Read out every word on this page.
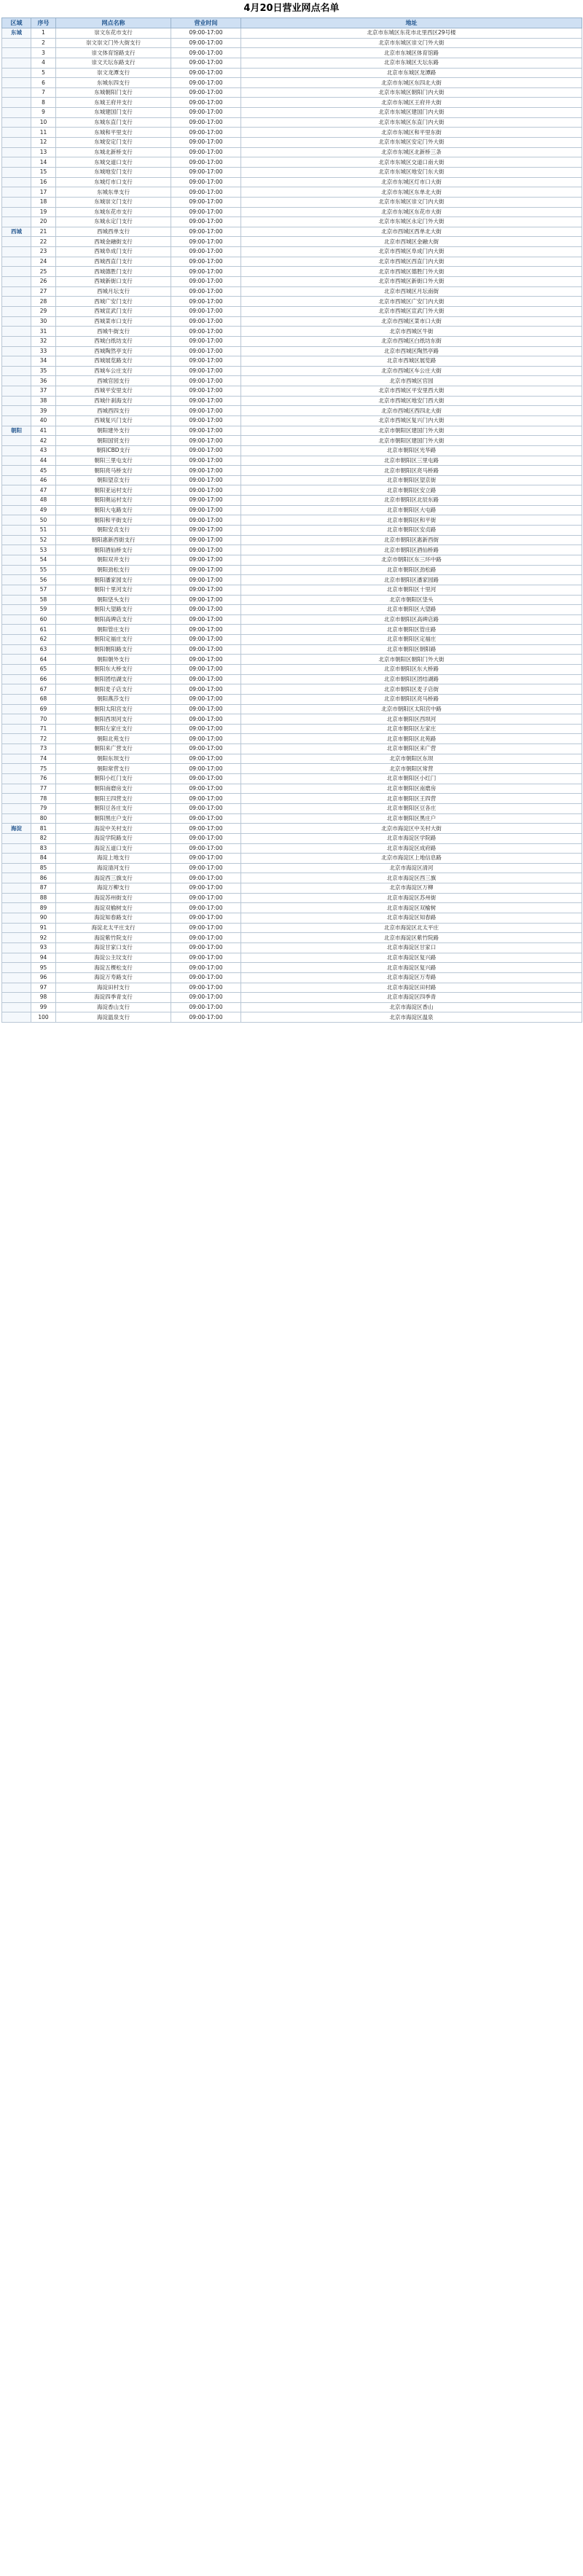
4月20日营业网点名单
区域	序号	网点名称	营业时间	地址
东城	1	崇文东花市支行	09:00-17:00	北京市东城区东花市北里西区29号楼
	2	崇文崇文门外大街支行	09:00-17:00	北京市东城区崇文门外大街
	3	崇文体育馆路支行	09:00-17:00	北京市东城区体育馆路
	4	崇文天坛东路支行	09:00-17:00	北京市东城区天坛东路
	5	崇文龙潭支行	09:00-17:00	北京市东城区龙潭路
	6	东城东四支行	09:00-17:00	北京市东城区东四北大街
	7	东城朝阳门支行	09:00-17:00	北京市东城区朝阳门内大街
	8	东城王府井支行	09:00-17:00	北京市东城区王府井大街
	9	东城建国门支行	09:00-17:00	北京市东城区建国门内大街
	10	东城东直门支行	09:00-17:00	北京市东城区东直门内大街
	11	东城和平里支行	09:00-17:00	北京市东城区和平里东街
	12	东城安定门支行	09:00-17:00	北京市东城区安定门外大街
	13	东城北新桥支行	09:00-17:00	北京市东城区北新桥三条
	14	东城交道口支行	09:00-17:00	北京市东城区交道口南大街
	15	东城地安门支行	09:00-17:00	北京市东城区地安门东大街
	16	东城灯市口支行	09:00-17:00	北京市东城区灯市口大街
	17	东城东单支行	09:00-17:00	北京市东城区东单北大街
	18	东城崇文门支行	09:00-17:00	北京市东城区崇文门内大街
	19	东城东花市支行	09:00-17:00	北京市东城区东花市大街
	20	东城永定门支行	09:00-17:00	北京市东城区永定门外大街
西城	21	西城西单支行	09:00-17:00	北京市西城区西单北大街
	22	西城金融街支行	09:00-17:00	北京市西城区金融大街
	23	西城阜成门支行	09:00-17:00	北京市西城区阜成门内大街
	24	西城西直门支行	09:00-17:00	北京市西城区西直门内大街
	25	西城德胜门支行	09:00-17:00	北京市西城区德胜门外大街
	26	西城新街口支行	09:00-17:00	北京市西城区新街口外大街
	27	西城月坛支行	09:00-17:00	北京市西城区月坛南街
	28	西城广安门支行	09:00-17:00	北京市西城区广安门内大街
	29	西城宣武门支行	09:00-17:00	北京市西城区宣武门外大街
	30	西城菜市口支行	09:00-17:00	北京市西城区菜市口大街
	31	西城牛街支行	09:00-17:00	北京市西城区牛街
	32	西城白纸坊支行	09:00-17:00	北京市西城区白纸坊东街
	33	西城陶然亭支行	09:00-17:00	北京市西城区陶然亭路
	34	西城展览路支行	09:00-17:00	北京市西城区展览路
	35	西城车公庄支行	09:00-17:00	北京市西城区车公庄大街
	36	西城官园支行	09:00-17:00	北京市西城区官园
	37	西城平安里支行	09:00-17:00	北京市西城区平安里西大街
	38	西城什刹海支行	09:00-17:00	北京市西城区地安门西大街
	39	西城西四支行	09:00-17:00	北京市西城区西四北大街
	40	西城复兴门支行	09:00-17:00	北京市西城区复兴门内大街
朝阳	41	朝阳建外支行	09:00-17:00	北京市朝阳区建国门外大街
	42	朝阳国贸支行	09:00-17:00	北京市朝阳区建国门外大街
	43	朝阳CBD支行	09:00-17:00	北京市朝阳区光华路
	44	朝阳三里屯支行	09:00-17:00	北京市朝阳区三里屯路
	45	朝阳亮马桥支行	09:00-17:00	北京市朝阳区亮马桥路
	46	朝阳望京支行	09:00-17:00	北京市朝阳区望京街
	47	朝阳亚运村支行	09:00-17:00	北京市朝阳区安立路
	48	朝阳奥运村支行	09:00-17:00	北京市朝阳区北辰东路
	49	朝阳大屯路支行	09:00-17:00	北京市朝阳区大屯路
	50	朝阳和平街支行	09:00-17:00	北京市朝阳区和平街
	51	朝阳安贞支行	09:00-17:00	北京市朝阳区安贞路
	52	朝阳惠新西街支行	09:00-17:00	北京市朝阳区惠新西街
	53	朝阳酒仙桥支行	09:00-17:00	北京市朝阳区酒仙桥路
	54	朝阳双井支行	09:00-17:00	北京市朝阳区东三环中路
	55	朝阳劲松支行	09:00-17:00	北京市朝阳区劲松路
	56	朝阳潘家园支行	09:00-17:00	北京市朝阳区潘家园路
	57	朝阳十里河支行	09:00-17:00	北京市朝阳区十里河
	58	朝阳垡头支行	09:00-17:00	北京市朝阳区垡头
	59	朝阳大望路支行	09:00-17:00	北京市朝阳区大望路
	60	朝阳高碑店支行	09:00-17:00	北京市朝阳区高碑店路
	61	朝阳管庄支行	09:00-17:00	北京市朝阳区管庄路
	62	朝阳定福庄支行	09:00-17:00	北京市朝阳区定福庄
	63	朝阳朝阳路支行	09:00-17:00	北京市朝阳区朝阳路
	64	朝阳朝外支行	09:00-17:00	北京市朝阳区朝阳门外大街
	65	朝阳东大桥支行	09:00-17:00	北京市朝阳区东大桥路
	66	朝阳团结湖支行	09:00-17:00	北京市朝阳区团结湖路
	67	朝阳麦子店支行	09:00-17:00	北京市朝阳区麦子店街
	68	朝阳燕莎支行	09:00-17:00	北京市朝阳区亮马桥路
	69	朝阳太阳宫支行	09:00-17:00	北京市朝阳区太阳宫中路
	70	朝阳西坝河支行	09:00-17:00	北京市朝阳区西坝河
	71	朝阳左家庄支行	09:00-17:00	北京市朝阳区左家庄
	72	朝阳北苑支行	09:00-17:00	北京市朝阳区北苑路
	73	朝阳来广营支行	09:00-17:00	北京市朝阳区来广营
	74	朝阳东坝支行	09:00-17:00	北京市朝阳区东坝
	75	朝阳常营支行	09:00-17:00	北京市朝阳区常营
	76	朝阳小红门支行	09:00-17:00	北京市朝阳区小红门
	77	朝阳南磨房支行	09:00-17:00	北京市朝阳区南磨房
	78	朝阳王四营支行	09:00-17:00	北京市朝阳区王四营
	79	朝阳豆各庄支行	09:00-17:00	北京市朝阳区豆各庄
	80	朝阳黑庄户支行	09:00-17:00	北京市朝阳区黑庄户
海淀	81	海淀中关村支行	09:00-17:00	北京市海淀区中关村大街
	82	海淀学院路支行	09:00-17:00	北京市海淀区学院路
	83	海淀五道口支行	09:00-17:00	北京市海淀区成府路
	84	海淀上地支行	09:00-17:00	北京市海淀区上地信息路
	85	海淀清河支行	09:00-17:00	北京市海淀区清河
	86	海淀西三旗支行	09:00-17:00	北京市海淀区西三旗
	87	海淀万柳支行	09:00-17:00	北京市海淀区万柳
	88	海淀苏州街支行	09:00-17:00	北京市海淀区苏州街
	89	海淀双榆树支行	09:00-17:00	北京市海淀区双榆树
	90	海淀知春路支行	09:00-17:00	北京市海淀区知春路
	91	海淀北太平庄支行	09:00-17:00	北京市海淀区北太平庄
	92	海淀紫竹院支行	09:00-17:00	北京市海淀区紫竹院路
	93	海淀甘家口支行	09:00-17:00	北京市海淀区甘家口
	94	海淀公主坟支行	09:00-17:00	北京市海淀区复兴路
	95	海淀五棵松支行	09:00-17:00	北京市海淀区复兴路
	96	海淀万寿路支行	09:00-17:00	北京市海淀区万寿路
	97	海淀田村支行	09:00-17:00	北京市海淀区田村路
	98	海淀四季青支行	09:00-17:00	北京市海淀区四季青
	99	海淀香山支行	09:00-17:00	北京市海淀区香山
	100	海淀温泉支行	09:00-17:00	北京市海淀区温泉
